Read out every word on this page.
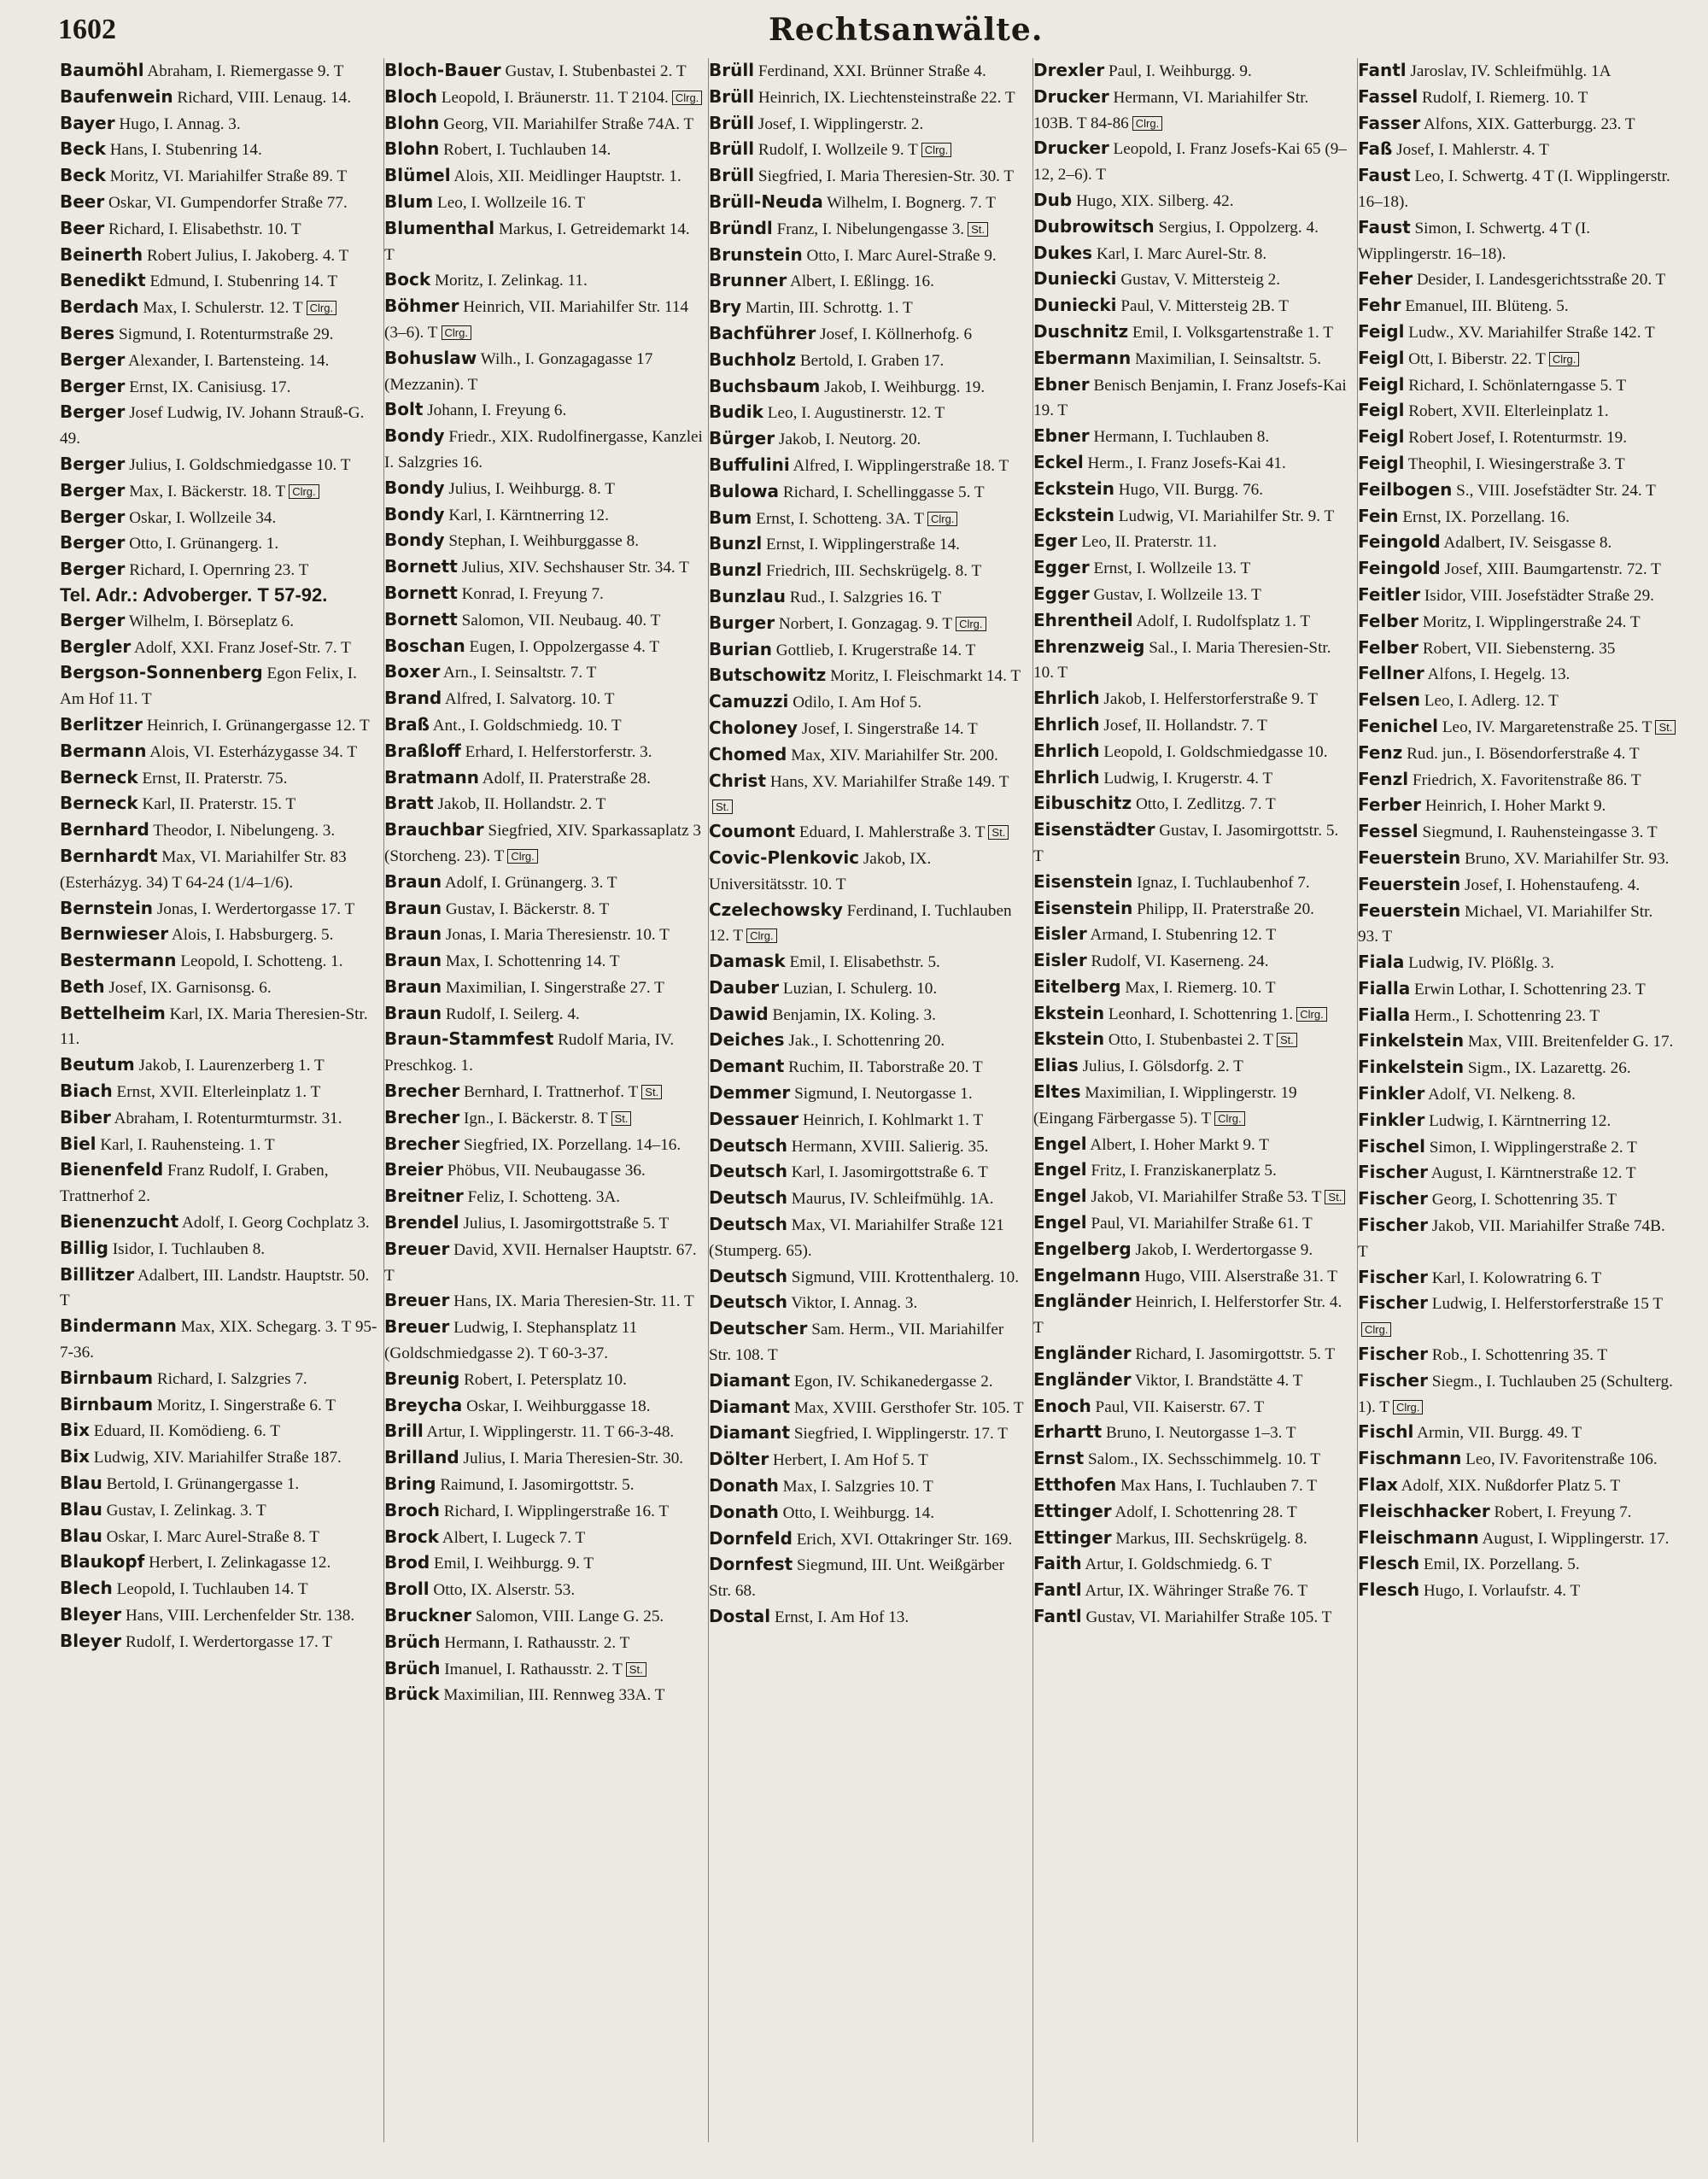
1602	Rechtsanwälte.

Baumöhl Abraham, I. Riemergasse 9. T

Baufenwein Richard, VIII. Lenaug. 14.

Bayer Hugo, I. Annag. 3.

Beck Hans, I. Stubenring 14.

Beck Moritz, VI. Mariahilfer Straße 89. T

Beer Oskar, VI. Gumpendorfer Straße 77.

Beer Richard, I. Elisabethstr. 10. T

Beinerth Robert Julius, I. Jakoberg. 4. T

Benedikt Edmund, I. Stubenring 14. T

Berdach Max, I. Schulerstr. 12. T Clrg.

Beres Sigmund, I. Rotenturmstraße 29.

Berger Alexander, I. Bartensteing. 14.

Berger Ernst, IX. Canisiusg. 17.

Berger Josef Ludwig, IV. Johann Strauß-G. 49.

Berger Julius, I. Goldschmiedgasse 10. T

Berger Max, I. Bäckerstr. 18. T Clrg.

Berger Oskar, I. Wollzeile 34.

Berger Otto, I. Grünangerg. 1.

Berger Richard, I. Opernring 23. T
Tel. Adr.: Advoberger. T 57-92.

Berger Wilhelm, I. Börseplatz 6.

Bergler Adolf, XXI. Franz Josef-Str. 7. T

Bergson-Sonnenberg Egon Felix, I. Am Hof 11. T

Berlitzer Heinrich, I. Grünangergasse 12. T

Bermann Alois, VI. Esterházygasse 34. T

Berneck Ernst, II. Praterstr. 75.

Berneck Karl, II. Praterstr. 15. T

Bernhard Theodor, I. Nibelungeng. 3.

Bernhardt Max, VI. Mariahilfer Str. 83 (Esterházyg. 34) T 64-24 (1/4–1/6).

Bernstein Jonas, I. Werdertorgasse 17. T

Bernwieser Alois, I. Habsburgerg. 5.

Bestermann Leopold, I. Schotteng. 1.

Beth Josef, IX. Garnisonsg. 6.

Bettelheim Karl, IX. Maria Theresien-Str. 11.

Beutum Jakob, I. Laurenzerberg 1. T

Biach Ernst, XVII. Elterleinplatz 1. T

Biber Abraham, I. Rotenturmturmstr. 31.

Biel Karl, I. Rauhensteing. 1. T

Bienenfeld Franz Rudolf, I. Graben, Trattnerhof 2.

Bienenzucht Adolf, I. Georg Cochplatz 3.

Billig Isidor, I. Tuchlauben 8.

Billitzer Adalbert, III. Landstr. Hauptstr. 50. T

Bindermann Max, XIX. Schegarg. 3. T 95-7-36.

Birnbaum Richard, I. Salzgries 7.

Birnbaum Moritz, I. Singerstraße 6. T

Bix Eduard, II. Komödieng. 6. T

Bix Ludwig, XIV. Mariahilfer Straße 187.

Blau Bertold, I. Grünangergasse 1.

Blau Gustav, I. Zelinkag. 3. T

Blau Oskar, I. Marc Aurel-Straße 8. T

Blaukopf Herbert, I. Zelinkagasse 12.

Blech Leopold, I. Tuchlauben 14. T

Bleyer Hans, VIII. Lerchenfelder Str. 138.

Bleyer Rudolf, I. Werdertorgasse 17. T

Bloch-Bauer Gustav, I. Stubenbastei 2. T

Bloch Leopold, I. Bräunerstr. 11. T 2104. Clrg.

Blohn Georg, VII. Mariahilfer Straße 74A. T

Blohn Robert, I. Tuchlauben 14.

Blümel Alois, XII. Meidlinger Hauptstr. 1.

Blum Leo, I. Wollzeile 16. T

Blumenthal Markus, I. Getreidemarkt 14. T

Bock Moritz, I. Zelinkag. 11.

Böhmer Heinrich, VII. Mariahilfer Str. 114 (3–6). T Clrg.

Bohuslaw Wilh., I. Gonzagagasse 17 (Mezzanin). T

Bolt Johann, I. Freyung 6.

Bondy Friedr., XIX. Rudolfinergasse, Kanzlei I. Salzgries 16.

Bondy Julius, I. Weihburgg. 8. T

Bondy Karl, I. Kärntnerring 12.

Bondy Stephan, I. Weihburggasse 8.

Bornett Julius, XIV. Sechshauser Str. 34. T

Bornett Konrad, I. Freyung 7.

Bornett Salomon, VII. Neubaug. 40. T

Boschan Eugen, I. Oppolzergasse 4. T

Boxer Arn., I. Seinsaltstr. 7. T

Brand Alfred, I. Salvatorg. 10. T

Braß Ant., I. Goldschmiedg. 10. T

Braßloff Erhard, I. Helferstorferstr. 3.

Bratmann Adolf, II. Praterstraße 28.

Bratt Jakob, II. Hollandstr. 2. T

Brauchbar Siegfried, XIV. Sparkassaplatz 3 (Storcheng. 23). T Clrg.

Braun Adolf, I. Grünangerg. 3. T

Braun Gustav, I. Bäckerstr. 8. T

Braun Jonas, I. Maria Theresienstr. 10. T

Braun Max, I. Schottenring 14. T

Braun Maximilian, I. Singerstraße 27. T

Braun Rudolf, I. Seilerg. 4.

Braun-Stammfest Rudolf Maria, IV. Preschkog. 1.

Brecher Bernhard, I. Trattnerhof. T St.

Brecher Ign., I. Bäckerstr. 8. T St.

Brecher Siegfried, IX. Porzellang. 14–16.

Breier Phöbus, VII. Neubaugasse 36.

Breitner Feliz, I. Schotteng. 3A.

Brendel Julius, I. Jasomirgottstraße 5. T

Breuer David, XVII. Hernalser Hauptstr. 67. T

Breuer Hans, IX. Maria Theresien-Str. 11. T

Breuer Ludwig, I. Stephansplatz 11 (Goldschmiedgasse 2). T 60-3-37.

Breunig Robert, I. Petersplatz 10.

Breycha Oskar, I. Weihburggasse 18.

Brill Artur, I. Wipplingerstr. 11. T 66-3-48.

Brilland Julius, I. Maria Theresien-Str. 30.

Bring Raimund, I. Jasomirgottstr. 5.

Broch Richard, I. Wipplingerstraße 16. T

Brock Albert, I. Lugeck 7. T

Brod Emil, I. Weihburgg. 9. T

Broll Otto, IX. Alserstr. 53.

Bruckner Salomon, VIII. Lange G. 25.

Brüch Hermann, I. Rathausstr. 2. T

Brüch Imanuel, I. Rathausstr. 2. T St.

Brück Maximilian, III. Rennweg 33A. T

Brüll Ferdinand, XXI. Brünner Straße 4.

Brüll Heinrich, IX. Liechtensteinstraße 22. T

Brüll Josef, I. Wipplingerstr. 2.

Brüll Rudolf, I. Wollzeile 9. T Clrg.

Brüll Siegfried, I. Maria Theresien-Str. 30. T

Brüll-Neuda Wilhelm, I. Bognerg. 7. T

Bründl Franz, I. Nibelungengasse 3. St.

Brunstein Otto, I. Marc Aurel-Straße 9.

Brunner Albert, I. Eßlingg. 16.

Bry Martin, III. Schrottg. 1. T

Bachführer Josef, I. Köllnerhofg. 6

Buchholz Bertold, I. Graben 17.

Buchsbaum Jakob, I. Weihburgg. 19.

Budik Leo, I. Augustinerstr. 12. T

Bürger Jakob, I. Neutorg. 20.

Buffulini Alfred, I. Wipplingerstraße 18. T

Bulowa Richard, I. Schellinggasse 5. T

Bum Ernst, I. Schotteng. 3A. T Clrg.

Bunzl Ernst, I. Wipplingerstraße 14.

Bunzl Friedrich, III. Sechskrügelg. 8. T

Bunzlau Rud., I. Salzgries 16. T

Burger Norbert, I. Gonzagag. 9. T Clrg.

Burian Gottlieb, I. Krugerstraße 14. T

Butschowitz Moritz, I. Fleischmarkt 14. T

Camuzzi Odilo, I. Am Hof 5.

Choloney Josef, I. Singerstraße 14. T

Chomed Max, XIV. Mariahilfer Str. 200.

Christ Hans, XV. Mariahilfer Straße 149. TSt.

Coumont Eduard, I. Mahlerstraße 3. T St.

Covic-Plenkovic Jakob, IX. Universitätsstr. 10. T

Czelechowsky Ferdinand, I. Tuchlauben 12. T Clrg.

Damask Emil, I. Elisabethstr. 5.

Dauber Luzian, I. Schulerg. 10.

Dawid Benjamin, IX. Koling. 3.

Deiches Jak., I. Schottenring 20.

Demant Ruchim, II. Taborstraße 20. T

Demmer Sigmund, I. Neutorgasse 1.

Dessauer Heinrich, I. Kohlmarkt 1. T

Deutsch Hermann, XVIII. Salierig. 35.

Deutsch Karl, I. Jasomirgottstraße 6. T

Deutsch Maurus, IV. Schleifmühlg. 1A.

Deutsch Max, VI. Mariahilfer Straße 121 (Stumperg. 65).

Deutsch Sigmund, VIII. Krottenthalerg. 10.

Deutsch Viktor, I. Annag. 3.

Deutscher Sam. Herm., VII. Mariahilfer Str. 108. T

Diamant Egon, IV. Schikanedergasse 2.

Diamant Max, XVIII. Gersthofer Str. 105. T

Diamant Siegfried, I. Wipplingerstr. 17. T

Dölter Herbert, I. Am Hof 5. T

Donath Max, I. Salzgries 10. T

Donath Otto, I. Weihburgg. 14.

Dornfeld Erich, XVI. Ottakringer Str. 169.

Dornfest Siegmund, III. Unt. Weißgärber Str. 68.

Dostal Ernst, I. Am Hof 13.

Drexler Paul, I. Weihburgg. 9.

Drucker Hermann, VI. Mariahilfer Str. 103B. T 84-86 Clrg.

Drucker Leopold, I. Franz Josefs-Kai 65 (9–12, 2–6). T

Dub Hugo, XIX. Silberg. 42.

Dubrowitsch Sergius, I. Oppolzerg. 4.

Dukes Karl, I. Marc Aurel-Str. 8.

Duniecki Gustav, V. Mittersteig 2.

Duniecki Paul, V. Mittersteig 2B. T

Duschnitz Emil, I. Volksgartenstraße 1. T

Ebermann Maximilian, I. Seinsaltstr. 5.

Ebner Benisch Benjamin, I. Franz Josefs-Kai 19. T

Ebner Hermann, I. Tuchlauben 8.

Eckel Herm., I. Franz Josefs-Kai 41.

Eckstein Hugo, VII. Burgg. 76.

Eckstein Ludwig, VI. Mariahilfer Str. 9. T

Eger Leo, II. Praterstr. 11.

Egger Ernst, I. Wollzeile 13. T

Egger Gustav, I. Wollzeile 13. T

Ehrentheil Adolf, I. Rudolfsplatz 1. T

Ehrenzweig Sal., I. Maria Theresien-Str. 10. T

Ehrlich Jakob, I. Helferstorferstraße 9. T

Ehrlich Josef, II. Hollandstr. 7. T

Ehrlich Leopold, I. Goldschmiedgasse 10.

Ehrlich Ludwig, I. Krugerstr. 4. T

Eibuschitz Otto, I. Zedlitzg. 7. T

Eisenstädter Gustav, I. Jasomirgottstr. 5. T

Eisenstein Ignaz, I. Tuchlaubenhof 7.

Eisenstein Philipp, II. Praterstraße 20.

Eisler Armand, I. Stubenring 12. T

Eisler Rudolf, VI. Kaserneng. 24.

Eitelberg Max, I. Riemerg. 10. T

Ekstein Leonhard, I. Schottenring 1. Clrg.

Ekstein Otto, I. Stubenbastei 2. T St.

Elias Julius, I. Gölsdorfg. 2. T

Eltes Maximilian, I. Wipplingerstr. 19 (Eingang Färbergasse 5). T Clrg.

Engel Albert, I. Hoher Markt 9. T

Engel Fritz, I. Franziskanerplatz 5.

Engel Jakob, VI. Mariahilfer Straße 53. T St.

Engel Paul, VI. Mariahilfer Straße 61. T

Engelberg Jakob, I. Werdertorgasse 9.

Engelmann Hugo, VIII. Alserstraße 31. T

Engländer Heinrich, I. Helferstorfer Str. 4. T

Engländer Richard, I. Jasomirgottstr. 5. T

Engländer Viktor, I. Brandstätte 4. T

Enoch Paul, VII. Kaiserstr. 67. T

Erhartt Bruno, I. Neutorgasse 1–3. T

Ernst Salom., IX. Sechsschimmelg. 10. T

Etthofen Max Hans, I. Tuchlauben 7. T

Ettinger Adolf, I. Schottenring 28. T

Ettinger Markus, III. Sechskrügelg. 8.

Faith Artur, I. Goldschmiedg. 6. T

Fantl Artur, IX. Währinger Straße 76. T

Fantl Gustav, VI. Mariahilfer Straße 105. T

Fantl Jaroslav, IV. Schleifmühlg. 1A

Fassel Rudolf, I. Riemerg. 10. T

Fasser Alfons, XIX. Gatterburgg. 23. T

Faß Josef, I. Mahlerstr. 4. T

Faust Leo, I. Schwertg. 4 T (I. Wipplingerstr. 16–18).

Faust Simon, I. Schwertg. 4 T (I. Wipplingerstr. 16–18).

Feher Desider, I. Landesgerichtsstraße 20. T

Fehr Emanuel, III. Blüteng. 5.

Feigl Ludw., XV. Mariahilfer Straße 142. T

Feigl Ott, I. Biberstr. 22. T Clrg.

Feigl Richard, I. Schönlaterngasse 5. T

Feigl Robert, XVII. Elterleinplatz 1.

Feigl Robert Josef, I. Rotenturmstr. 19.

Feigl Theophil, I. Wiesingerstraße 3. T

Feilbogen S., VIII. Josefstädter Str. 24. T

Fein Ernst, IX. Porzellang. 16.

Feingold Adalbert, IV. Seisgasse 8.

Feingold Josef, XIII. Baumgartenstr. 72. T

Feitler Isidor, VIII. Josefstädter Straße 29.

Felber Moritz, I. Wipplingerstraße 24. T

Felber Robert, VII. Siebensterng. 35

Fellner Alfons, I. Hegelg. 13.

Felsen Leo, I. Adlerg. 12. T

Fenichel Leo, IV. Margaretenstraße 25. T St.

Fenz Rud. jun., I. Bösendorferstraße 4. T

Fenzl Friedrich, X. Favoritenstraße 86. T

Ferber Heinrich, I. Hoher Markt 9.

Fessel Siegmund, I. Rauhensteingasse 3. T

Feuerstein Bruno, XV. Mariahilfer Str. 93.

Feuerstein Josef, I. Hohenstaufeng. 4.

Feuerstein Michael, VI. Mariahilfer Str. 93. T

Fiala Ludwig, IV. Plößlg. 3.

Fialla Erwin Lothar, I. Schottenring 23. T

Fialla Herm., I. Schottenring 23. T

Finkelstein Max, VIII. Breitenfelder G. 17.

Finkelstein Sigm., IX. Lazarettg. 26.

Finkler Adolf, VI. Nelkeng. 8.

Finkler Ludwig, I. Kärntnerring 12.

Fischel Simon, I. Wipplingerstraße 2. T

Fischer August, I. Kärntnerstraße 12. T

Fischer Georg, I. Schottenring 35. T

Fischer Jakob, VII. Mariahilfer Straße 74B. T

Fischer Karl, I. Kolowratring 6. T

Fischer Ludwig, I. Helferstorferstraße 15 TClrg.

Fischer Rob., I. Schottenring 35. T

Fischer Siegm., I. Tuchlauben 25 (Schulterg. 1). T Clrg.

Fischl Armin, VII. Burgg. 49. T

Fischmann Leo, IV. Favoritenstraße 106.

Flax Adolf, XIX. Nußdorfer Platz 5. T

Fleischhacker Robert, I. Freyung 7.

Fleischmann August, I. Wipplingerstr. 17.

Flesch Emil, IX. Porzellang. 5.

Flesch Hugo, I. Vorlaufstr. 4. T
